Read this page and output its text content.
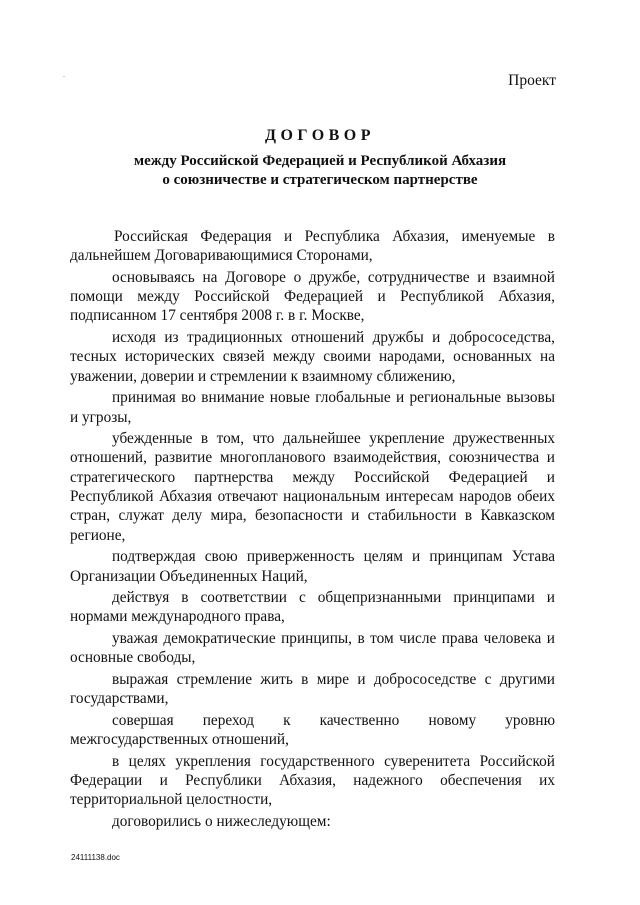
Проект
ДОГОВОР
между Российской Федерацией и Республикой Абхазия
о союзничестве и стратегическом партнерстве

Российская Федерация и Республика Абхазия, именуемые в дальнейшем Договаривающимися Сторонами,

основываясь на Договоре о дружбе, сотрудничестве и взаимной помощи между Российской Федерацией и Республикой Абхазия, подписанном 17 сентября 2008 г. в г. Москве,

исходя из традиционных отношений дружбы и добрососедства, тесных исторических связей между своими народами, основанных на уважении, доверии и стремлении к взаимному сближению,

принимая во внимание новые глобальные и региональные вызовы и угрозы,

убежденные в том, что дальнейшее укрепление дружественных отношений, развитие многопланового взаимодействия, союзничества и стратегического партнерства между Российской Федерацией и Республикой Абхазия отвечают национальным интересам народов обеих стран, служат делу мира, безопасности и стабильности в Кавказском регионе,

подтверждая свою приверженность целям и принципам Устава Организации Объединенных Наций,

действуя в соответствии с общепризнанными принципами и нормами международного права,

уважая демократические принципы, в том числе права человека и основные свободы,

выражая стремление жить в мире и добрососедстве с другими государствами,

совершая переход к качественно новому уровню межгосударственных отношений,

в целях укрепления государственного суверенитета Российской Федерации и Республики Абхазия, надежного обеспечения их территориальной целостности,

договорились о нижеследующем:

24111138.doc
